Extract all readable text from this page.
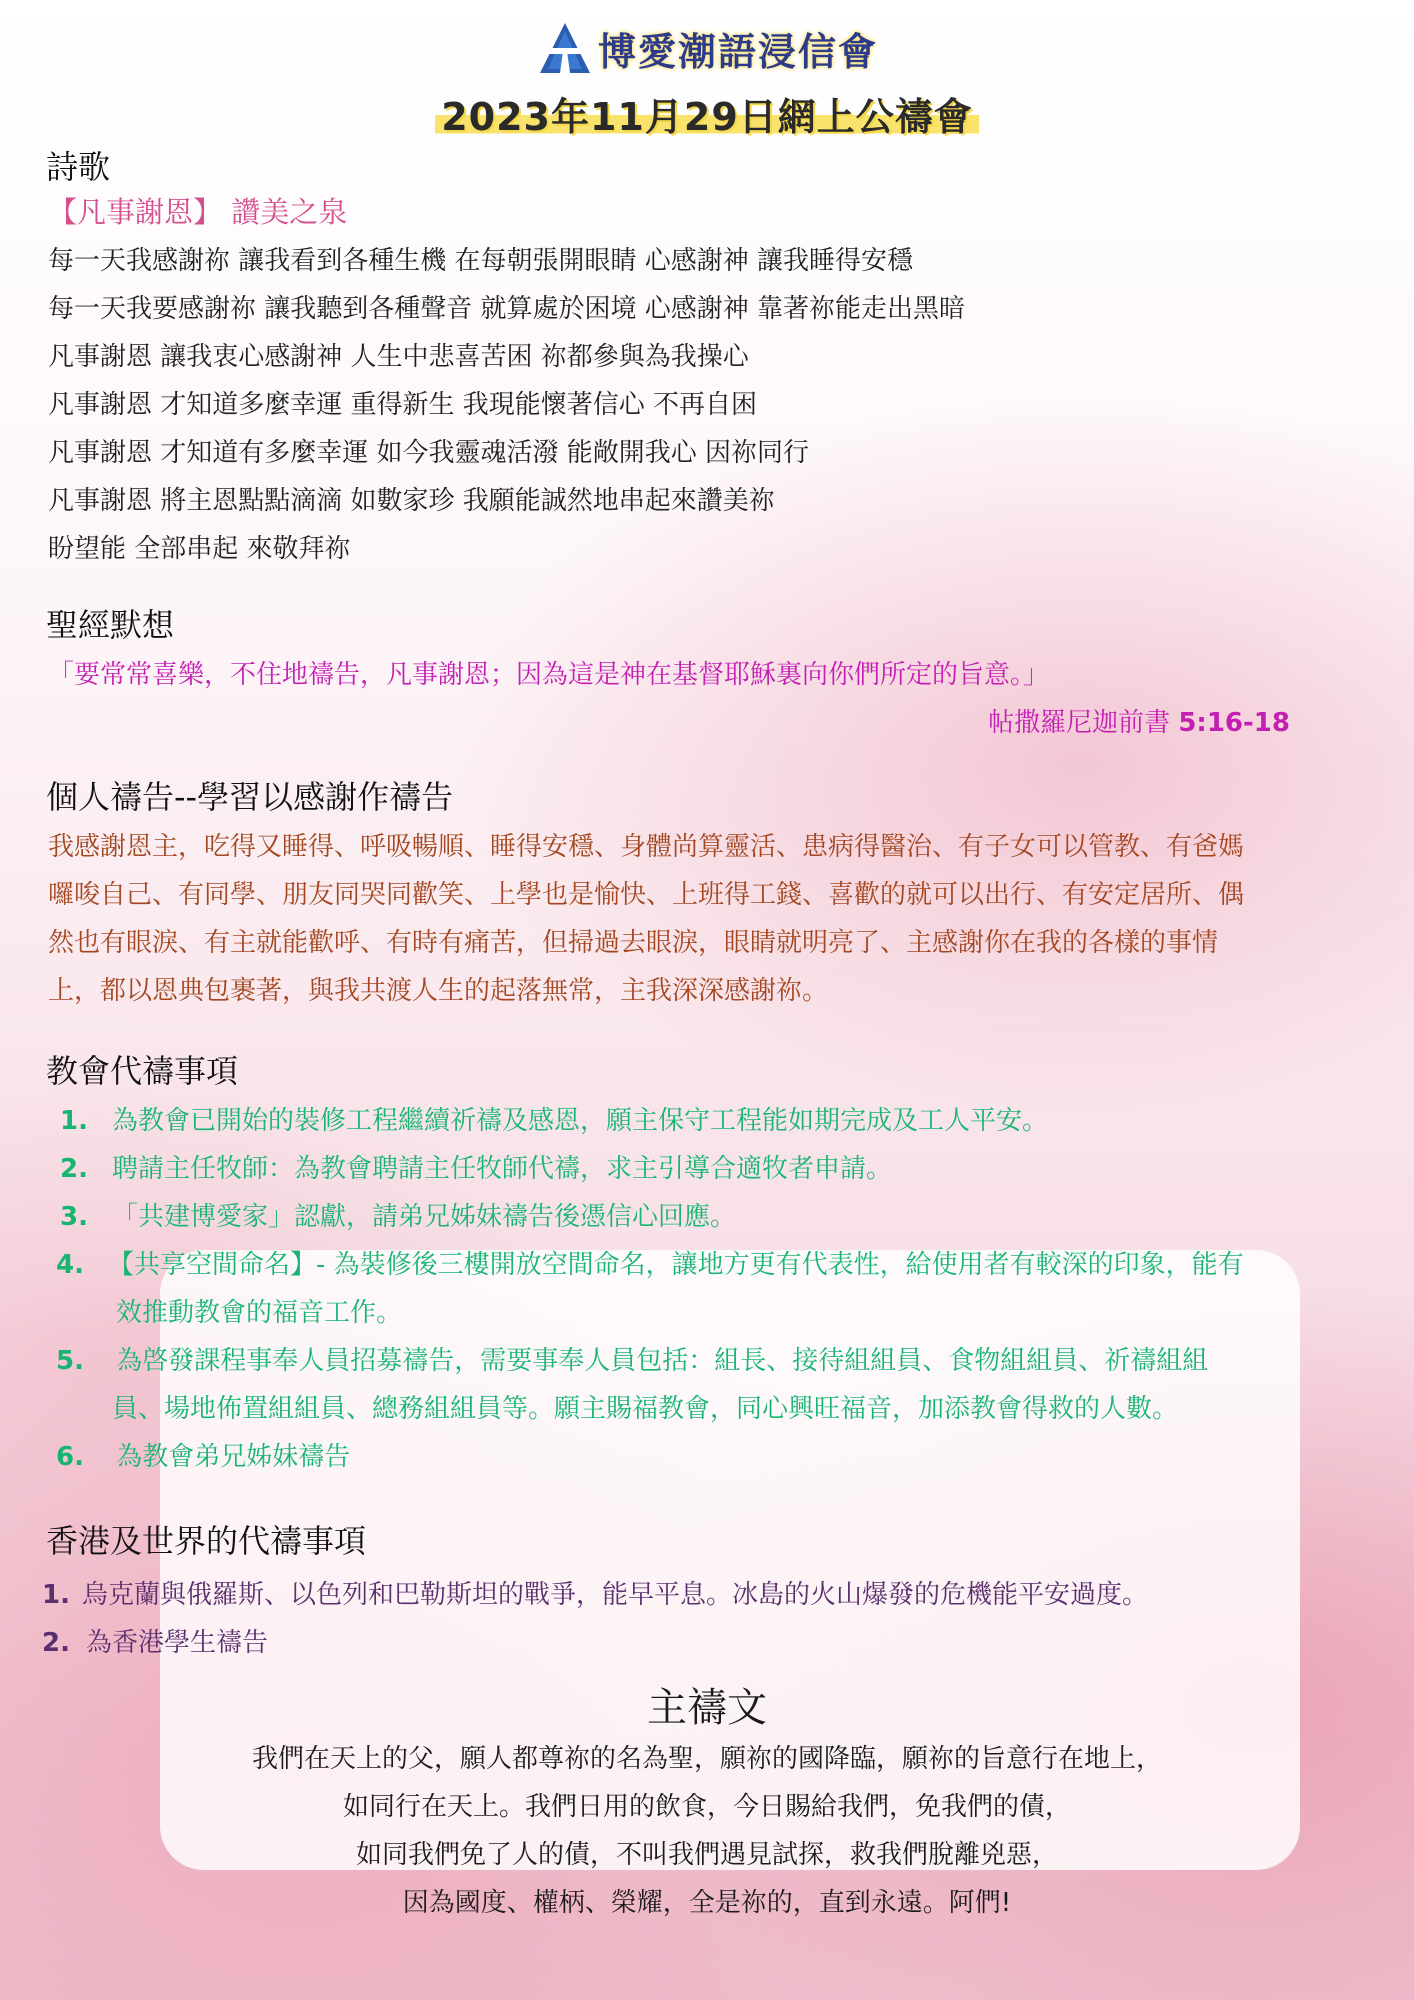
博愛潮語浸信會
2023年11月29日網上公禱會
詩歌
【凡事謝恩】 讚美之泉
每一天我感謝祢 讓我看到各種生機 在每朝張開眼睛 心感謝神 讓我睡得安穩
每一天我要感謝祢 讓我聽到各種聲音 就算處於困境 心感謝神 靠著祢能走出黑暗
凡事謝恩 讓我衷心感謝神 人生中悲喜苦困 祢都參與為我操心
凡事謝恩 才知道多麼幸運 重得新生 我現能懷著信心 不再自困
凡事謝恩 才知道有多麼幸運 如今我靈魂活潑 能敞開我心 因祢同行
凡事謝恩 將主恩點點滴滴 如數家珍 我願能誠然地串起來讚美祢
盼望能 全部串起 來敬拜祢
聖經默想
「要常常喜樂，不住地禱告，凡事謝恩；因為這是神在基督耶穌裏向你們所定的旨意。」
帖撒羅尼迦前書 5:16-18
個人禱告--學習以感謝作禱告
我感謝恩主，吃得又睡得、呼吸暢順、睡得安穩、身體尚算靈活、患病得醫治、有子女可以管教、有爸媽
囉唆自己、有同學、朋友同哭同歡笑、上學也是愉快、上班得工錢、喜歡的就可以出行、有安定居所、偶
然也有眼淚、有主就能歡呼、有時有痛苦，但掃過去眼淚，眼睛就明亮了、主感謝你在我的各樣的事情
上，都以恩典包裹著，與我共渡人生的起落無常，主我深深感謝祢。
教會代禱事項
1. 為教會已開始的裝修工程繼續祈禱及感恩，願主保守工程能如期完成及工人平安。
2. 聘請主任牧師：為教會聘請主任牧師代禱，求主引導合適牧者申請。
3. 「共建博愛家」認獻，請弟兄姊妹禱告後憑信心回應。
4. 【共享空間命名】- 為裝修後三樓開放空間命名，讓地方更有代表性，給使用者有較深的印象，能有
效推動教會的福音工作。
5. 為啓發課程事奉人員招募禱告，需要事奉人員包括：組長、接待組組員、食物組組員、祈禱組組
員、場地佈置組組員、總務組組員等。願主賜福教會，同心興旺福音，加添教會得救的人數。
6. 為教會弟兄姊妹禱告
香港及世界的代禱事項
1. 烏克蘭與俄羅斯、以色列和巴勒斯坦的戰爭，能早平息。冰島的火山爆發的危機能平安過度。
2. 為香港學生禱告
主禱文
我們在天上的父，願人都尊祢的名為聖，願祢的國降臨，願祢的旨意行在地上，
如同行在天上。我們日用的飲食，今日賜給我們，免我們的債，
如同我們免了人的債，不叫我們遇見試探，救我們脫離兇惡，
因為國度、權柄、榮耀，全是祢的，直到永遠。阿們!
